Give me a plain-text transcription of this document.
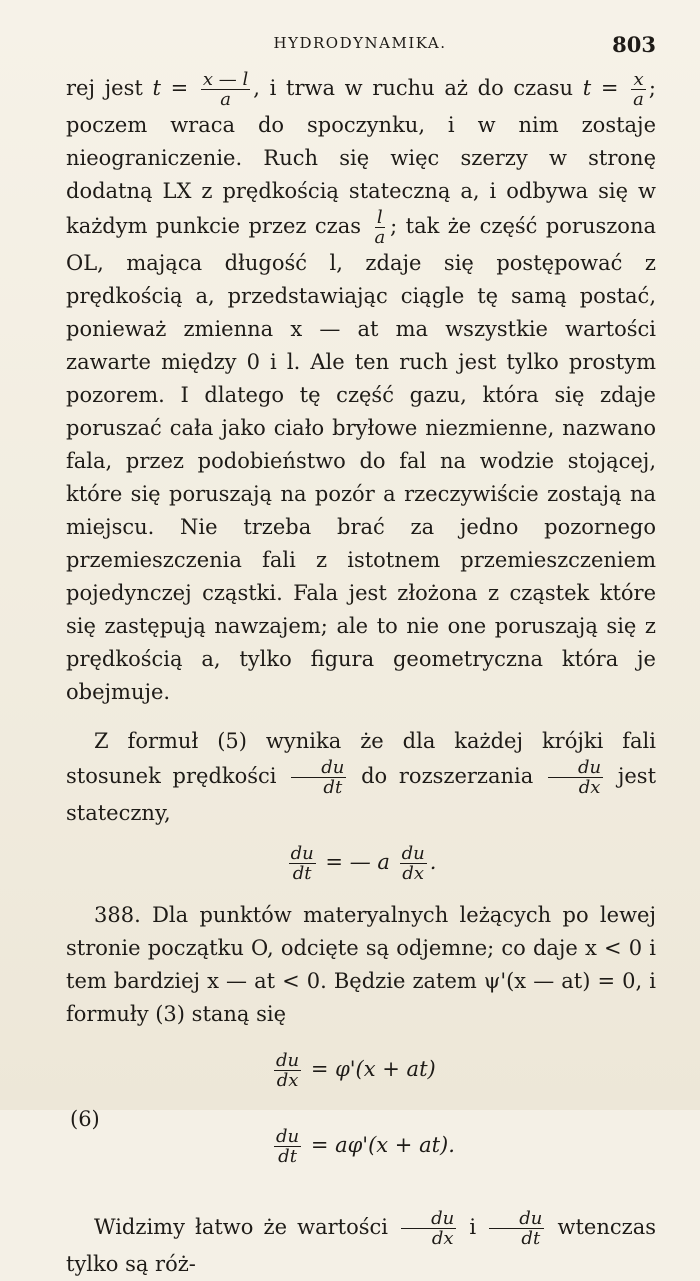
HYDRODYNAMIKA.	803

rej jest $t = \frac{x — l}{a}$ , i trwa w ruchu aż do czasu $t = \frac{x}{a}$ ; poczem wraca do spoczynku, i w nim zostaje nieograniczenie. Ruch się więc szerzy w stronę dodatną LX z prędkością stateczną a, i odbywa się w każdym punkcie przez czas $\frac{l}{a}$ ; tak że część poruszona OL, mająca długość l, zdaje się postępować z prędkością a, przedstawiając ciągle tę samą postać, ponieważ zmienna x — at ma wszystkie wartości zawarte między 0 i l. Ale ten ruch jest tylko prostym pozorem. I dlatego tę część gazu, która się zdaje poruszać cała jako ciało bryłowe niezmienne, nazwano fala, przez podobieństwo do fal na wodzie stojącej, które się poruszają na pozór a rzeczywiście zostają na miejscu. Nie trzeba brać za jedno pozornego przemieszczenia fali z istotnem przemieszczeniem pojedynczej cząstki. Fala jest złożona z cząstek które się zastępują nawzajem; ale to nie one poruszają się z prędkością a, tylko figura geometryczna która je obejmuje.

Z formuł (5) wynika że dla każdej krójki fali stosunek prędkości $\frac{du}{dt}$ do rozszerzania $\frac{du}{dx}$ jest stateczny,

$\frac{du}{dt}$ = — a $\frac{du}{dx}$ .

388. Dla punktów materyalnych leżących po lewej stronie początku O, odcięte są odjemne; co daje x < 0 i tem bardziej x — at < 0. Będzie zatem ψ'(x — at) = 0, i formuły (3) staną się

(6)
$\frac{du}{dx} = \varphi'(x + at)$
$\frac{du}{dt} = a\varphi'(x + at)$.

Widzimy łatwo że wartości $\frac{du}{dx}$ i $\frac{du}{dt}$ wtenczas tylko są róż-
